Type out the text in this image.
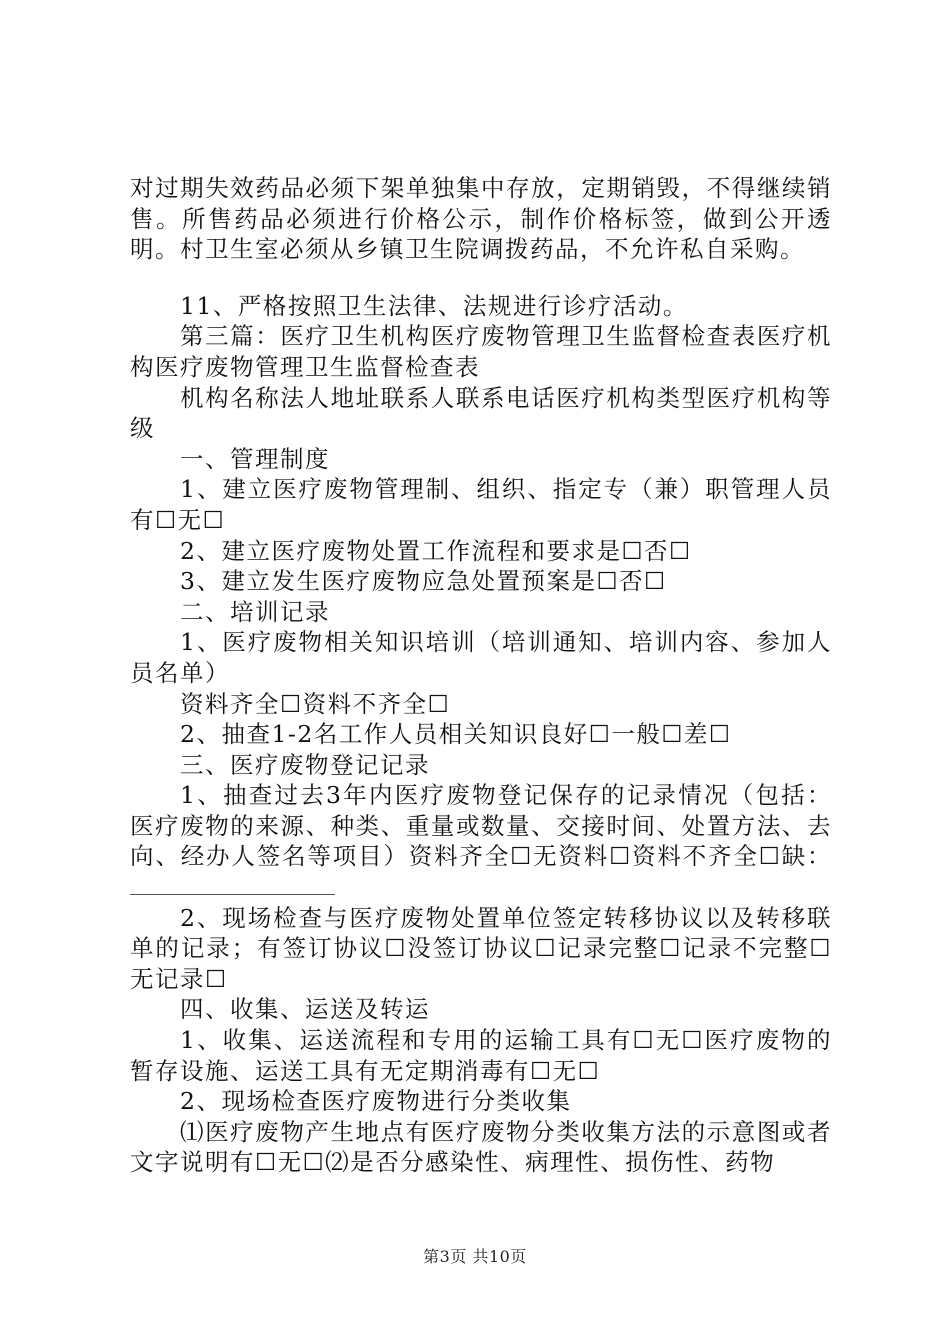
对过期失效药品必须下架单独集中存放，定期销毁，不得继续销售。所售药品必须进行价格公示，制作价格标签，做到公开透明。村卫生室必须从乡镇卫生院调拨药品，不允许私自采购。

11、严格按照卫生法律、法规进行诊疗活动。

第三篇：医疗卫生机构医疗废物管理卫生监督检查表医疗机构医疗废物管理卫生监督检查表

机构名称法人地址联系人联系电话医疗机构类型医疗机构等级

一、管理制度

1、建立医疗废物管理制、组织、指定专（兼）职管理人员有☐无☐

2、建立医疗废物处置工作流程和要求是☐否☐

3、建立发生医疗废物应急处置预案是☐否☐

二、培训记录

1、医疗废物相关知识培训（培训通知、培训内容、参加人员名单）

资料齐全☐资料不齐全☐

2、抽查1-2名工作人员相关知识良好☐一般☐差☐

三、医疗废物登记记录

1、抽查过去3年内医疗废物登记保存的记录情况（包括：医疗废物的来源、种类、重量或数量、交接时间、处置方法、去向、经办人签名等项目）资料齐全☐无资料☐资料不齐全☐缺：

2、现场检查与医疗废物处置单位签定转移协议以及转移联单的记录；有签订协议☐没签订协议☐记录完整☐记录不完整☐无记录☐

四、收集、运送及转运

1、收集、运送流程和专用的运输工具有☐无☐医疗废物的暂存设施、运送工具有无定期消毒有☐无☐

2、现场检查医疗废物进行分类收集

⑴医疗废物产生地点有医疗废物分类收集方法的示意图或者文字说明有☐无☐⑵是否分感染性、病理性、损伤性、药物

第3页 共10页
